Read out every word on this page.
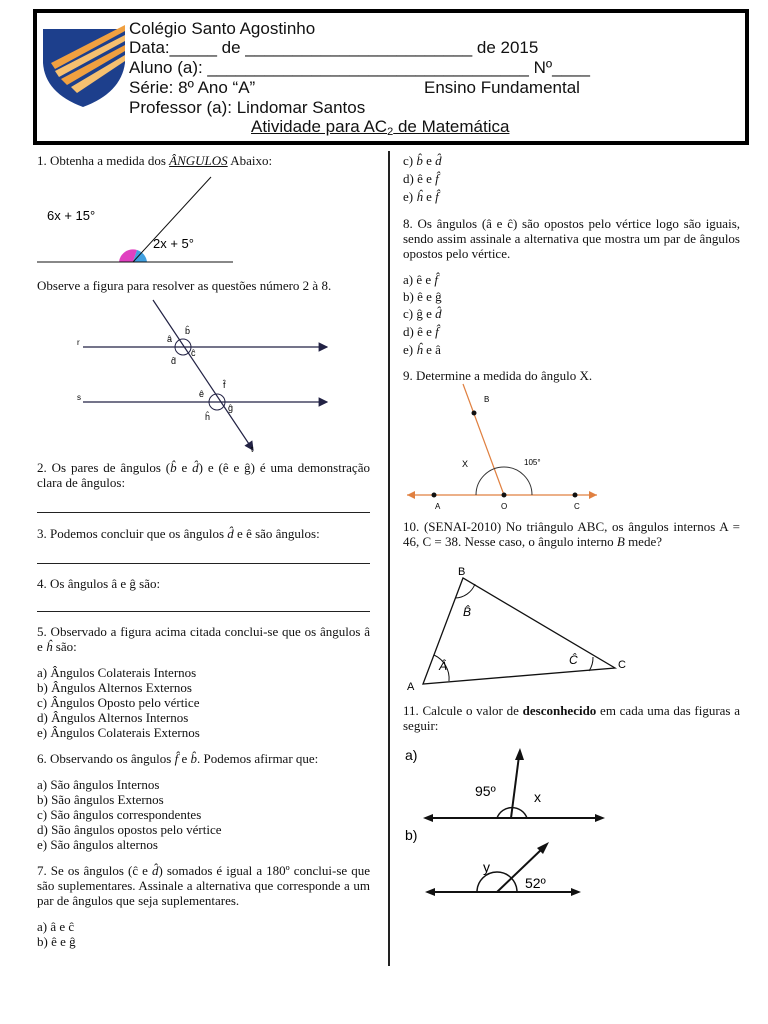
Colégio Santo Agostinho
Data:_____ de ________________________ de 2015
Aluno (a): __________________________________ Nº____
Série: 8º Ano “A”	Ensino Fundamental
Professor (a): Lindomar Santos
Atividade para $AC_2$ de Matemática
1. Obtenha a medida dos ÂNGULOS Abaixo:
6x + 15°
2x + 5°
Observe a figura para resolver as questões número 2 à 8.
r
s
t
â
b̂
ĉ
d̂
ê
f̂
ĝ
ĥ

2. Os pares de ângulos (b̂ e d̂) e (ê e ĝ) é uma demonstração clara de ângulos:

3. Podemos concluir que os ângulos d̂ e ê são ângulos:
4. Os ângulos â e ĝ são:

5. Observado a figura acima citada conclui-se que os ângulos â e ĥ são:

a) Ângulos Colaterais Internos
b) Ângulos Alternos Externos
c) Ângulos Oposto pelo vértice
d) Ângulos Alternos Internos
e) Ângulos Colaterais Externos
6. Observando os ângulos f̂ e b̂. Podemos afirmar que:
a) São ângulos Internos
b) São ângulos Externos
c) São ângulos correspondentes
d) São ângulos opostos pelo vértice
e) São ângulos alternos

7. Se os ângulos (ĉ e d̂) somados é igual a 180º conclui-se que são suplementares. Assinale a alternativa que corresponde a um par de ângulos que seja suplementares.

a) â e ĉ
b) ê e ĝ
c) b̂ e d̂
d) ê e f̂
e) ĥ e f̂

8. Os ângulos (â e ĉ) são opostos pelo vértice logo são iguais, sendo assim assinale a alternativa que mostra um par de ângulos opostos pelo vértice.

a) ê e f̂
b) ê e ĝ
c) ĝ e d̂
d) ê e f̂
e) ĥ e â
9. Determine a medida do ângulo X.
B
X	105°
A	O	C

10. (SENAI-2010) No triângulo ABC, os ângulos internos A = 46, C = 38. Nesse caso, o ângulo interno B mede?

B
A
C
B̂
Â	Ĉ

11. Calcule o valor de desconhecido em cada uma das figuras a seguir:

a)
95º	x
b)
y
52º
